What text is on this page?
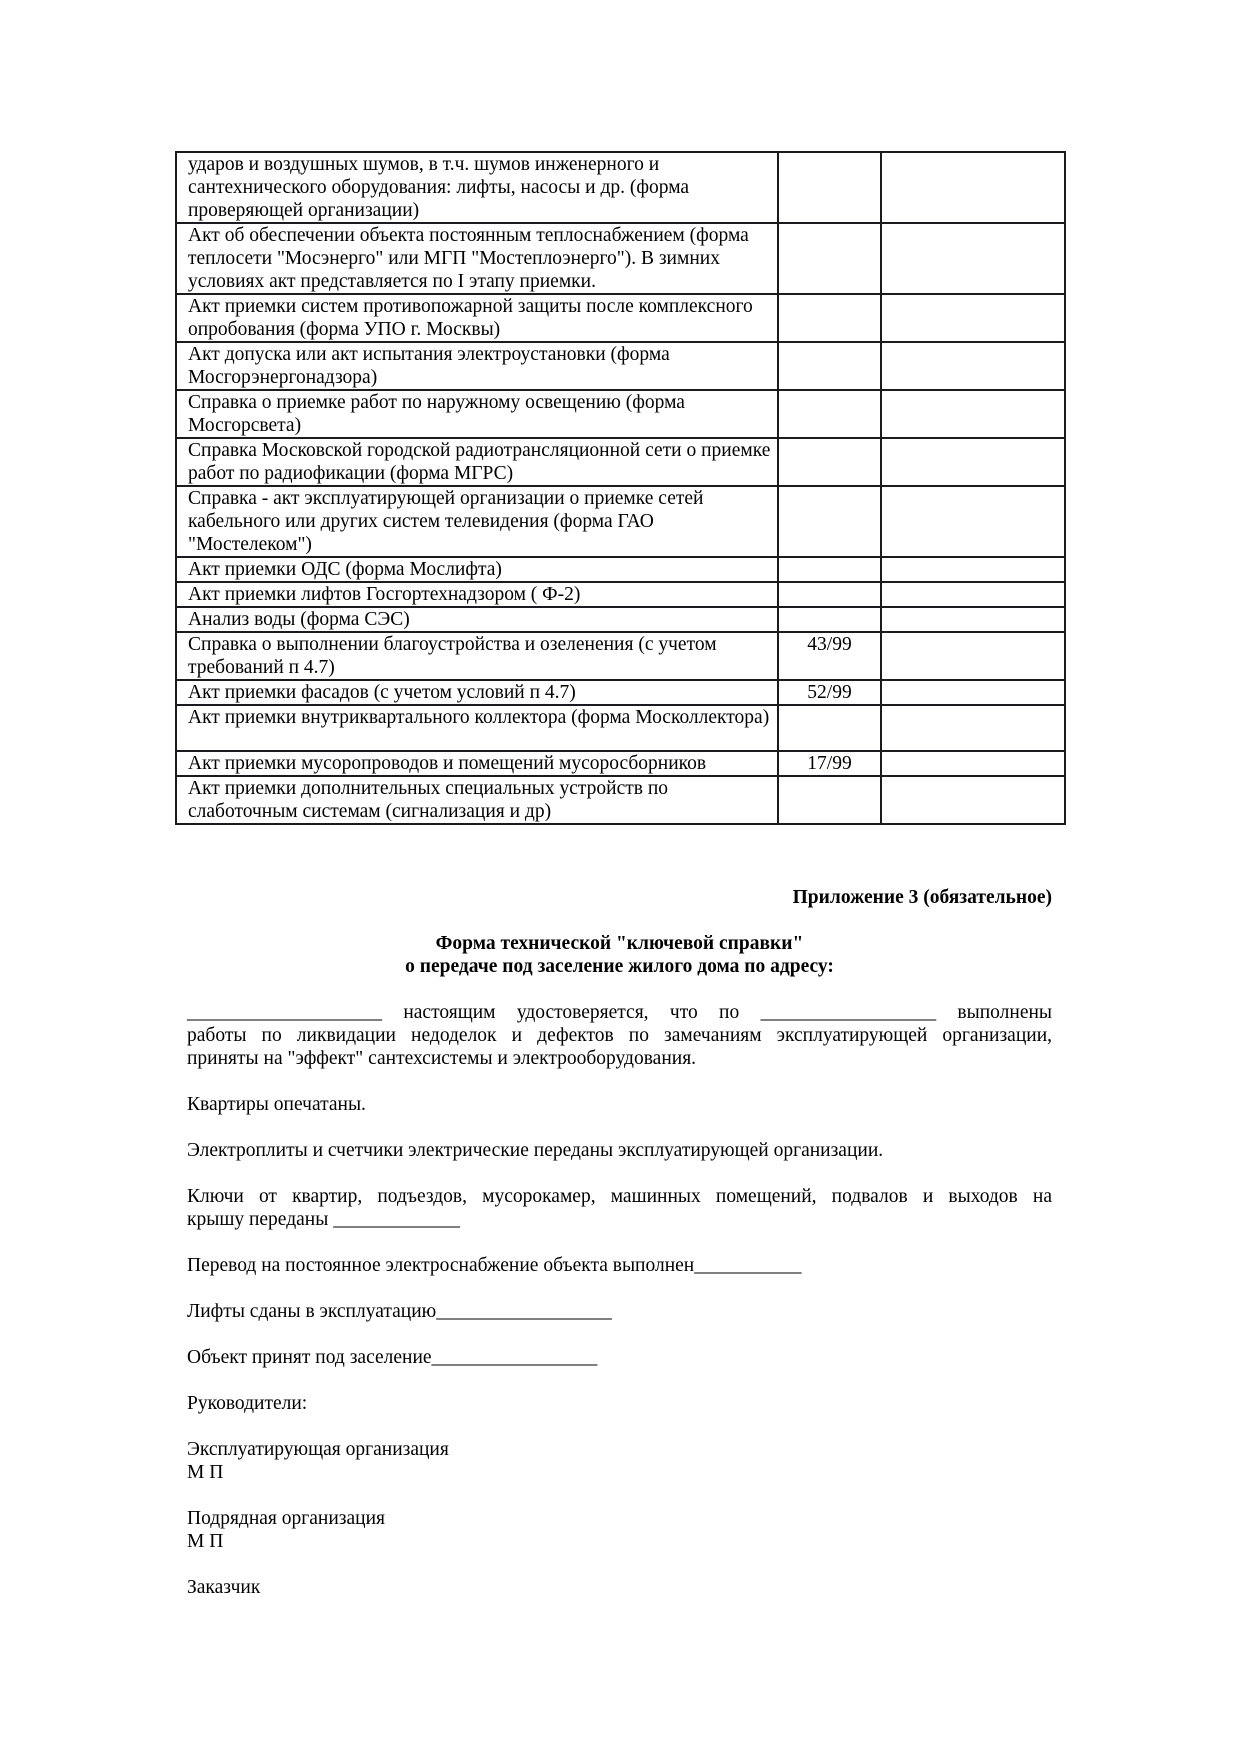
ударов и воздушных шумов, в т.ч. шумов инженерного и сантехнического оборудования: лифты, насосы и др. (форма проверяющей организации)		
Акт об обеспечении объекта постоянным теплоснабжением (форма теплосети "Мосэнерго" или МГП "Мостеплоэнерго"). В зимних условиях акт представляется по I этапу приемки.		
Акт приемки систем противопожарной защиты после комплексного опробования (форма УПО г. Москвы)		
Акт допуска или акт испытания электроустановки (форма Мосгорэнергонадзора)		
Справка о приемке работ по наружному освещению (форма Мосгорсвета)		
Справка Московской городской радиотрансляционной сети о приемке работ по радиофикации (форма МГРС)		
Справка - акт эксплуатирующей организации о приемке сетей кабельного или других систем телевидения (форма ГАО "Мостелеком")		
Акт приемки ОДС (форма Мослифта)		
Акт приемки лифтов Госгортехнадзором ( Ф-2)		
Анализ воды (форма СЭС)		
Справка о выполнении благоустройства и озеленения (с учетом требований п 4.7)	43/99	
Акт приемки фасадов (с учетом условий п 4.7)	52/99	
Акт приемки внутриквартального коллектора (форма Москоллектора)		
Акт приемки мусоропроводов и помещений мусоросборников	17/99	
Акт приемки дополнительных специальных устройств по слаботочным системам (сигнализация и др)		
Приложение 3 (обязательное)
Форма технической "ключевой справки"
о передаче под заселение жилого дома по адресу:
____________________ настоящим удостоверяется, что по __________________ выполнены
работы по ликвидации недоделок и дефектов по замечаниям эксплуатирующей организации,
приняты на "эффект" сантехсистемы и электрооборудования.
Квартиры опечатаны.
Электроплиты и счетчики электрические переданы эксплуатирующей организации.
Ключи от квартир, подъездов, мусорокамер, машинных помещений, подвалов и выходов на
крышу переданы _____________
Перевод на постоянное электроснабжение объекта выполнен___________
Лифты сданы в эксплуатацию__________________
Объект принят под заселение_________________
Руководители:
Эксплуатирующая организация
М П
Подрядная организация
М П
Заказчик
